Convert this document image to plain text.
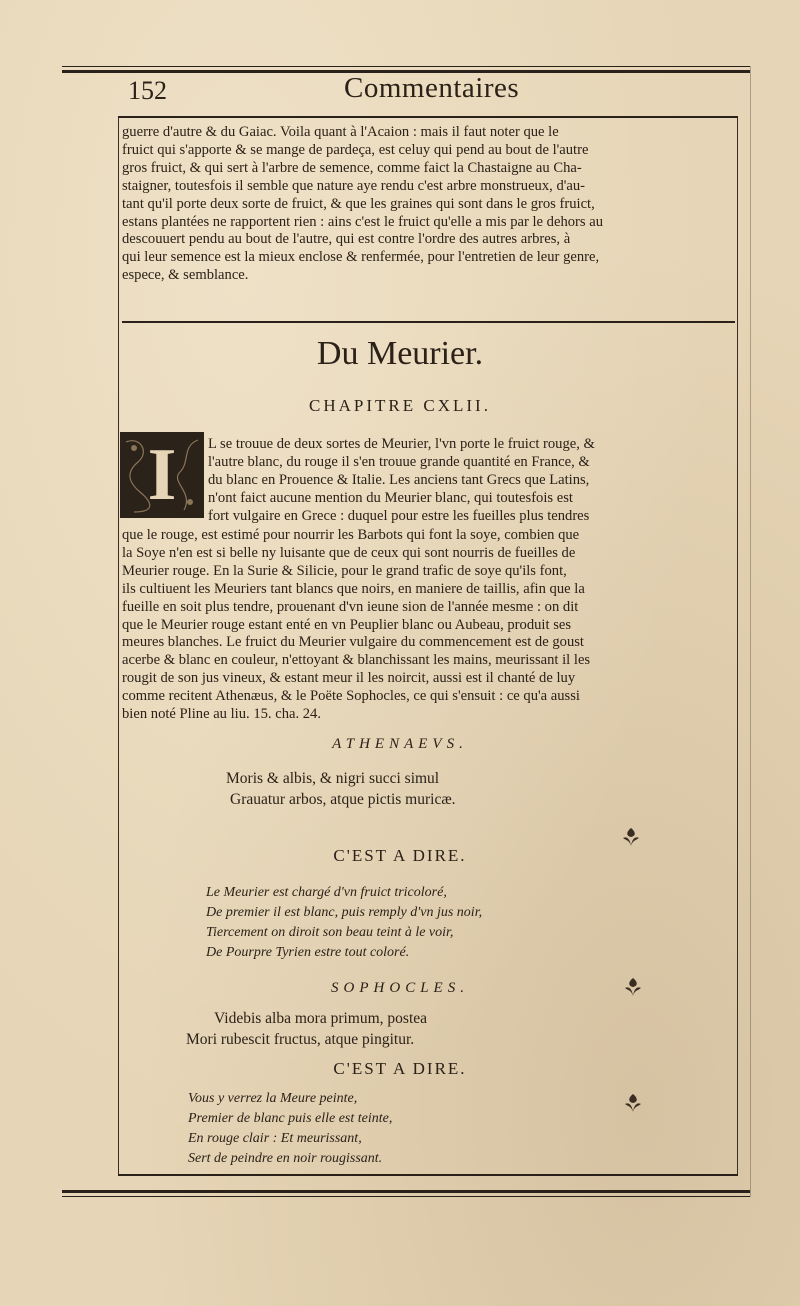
152	Commentaires
guerre d'autre & du Gaiac. Voila quant à l'Acaion : mais il faut noter que le
fruict qui s'apporte & se mange de pardeça, est celuy qui pend au bout de l'autre
gros fruict, & qui sert à l'arbre de semence, comme faict la Chastaigne au Cha-
staigner, toutesfois il semble que nature aye rendu c'est arbre monstrueux, d'au-
tant qu'il porte deux sorte de fruict, & que les graines qui sont dans le gros fruict,
estans plantées ne rapportent rien : ains c'est le fruict qu'elle a mis par le dehors au
descouuert pendu au bout de l'autre, qui est contre l'ordre des autres arbres, à
qui leur semence est la mieux enclose & renfermée, pour l'entretien de leur genre,
espece, & semblance.
Du Meurier.
CHAPITRE CXLII.
I L se trouue de deux sortes de Meurier, l'vn porte le fruict rouge, &
l'autre blanc, du rouge il s'en trouue grande quantité en France, &
du blanc en Prouence & Italie. Les anciens tant Grecs que Latins,
n'ont faict aucune mention du Meurier blanc, qui toutesfois est
fort vulgaire en Grece : duquel pour estre les fueilles plus tendres
que le rouge, est estimé pour nourrir les Barbots qui font la soye, combien que
la Soye n'en est si belle ny luisante que de ceux qui sont nourris de fueilles de
Meurier rouge. En la Surie & Silicie, pour le grand trafic de soye qu'ils font,
ils cultiuent les Meuriers tant blancs que noirs, en maniere de taillis, afin que la
fueille en soit plus tendre, prouenant d'vn ieune sion de l'année mesme : on dit
que le Meurier rouge estant enté en vn Peuplier blanc ou Aubeau, produit ses
meures blanches. Le fruict du Meurier vulgaire du commencement est de goust
acerbe & blanc en couleur, n'ettoyant & blanchissant les mains, meurissant il les
rougit de son jus vineux, & estant meur il les noircit, aussi est il chanté de luy
comme recitent Athenæus, & le Poëte Sophocles, ce qui s'ensuit : ce qu'a aussi
bien noté Pline au liu. 15. cha. 24.
ATHENAEVS.
Moris & albis, & nigri succi simul
Grauatur arbos, atque pictis muricæ.
C'EST A DIRE.
Le Meurier est chargé d'vn fruict tricoloré,
De premier il est blanc, puis remply d'vn jus noir,
Tiercement on diroit son beau teint à le voir,
De Pourpre Tyrien estre tout coloré.
SOPHOCLES.
Videbis alba mora primum, postea
Mori rubescit fructus, atque pingitur.
C'EST A DIRE.
Vous y verrez la Meure peinte,
Premier de blanc puis elle est teinte,
En rouge clair : Et meurissant,
Sert de peindre en noir rougissant.
